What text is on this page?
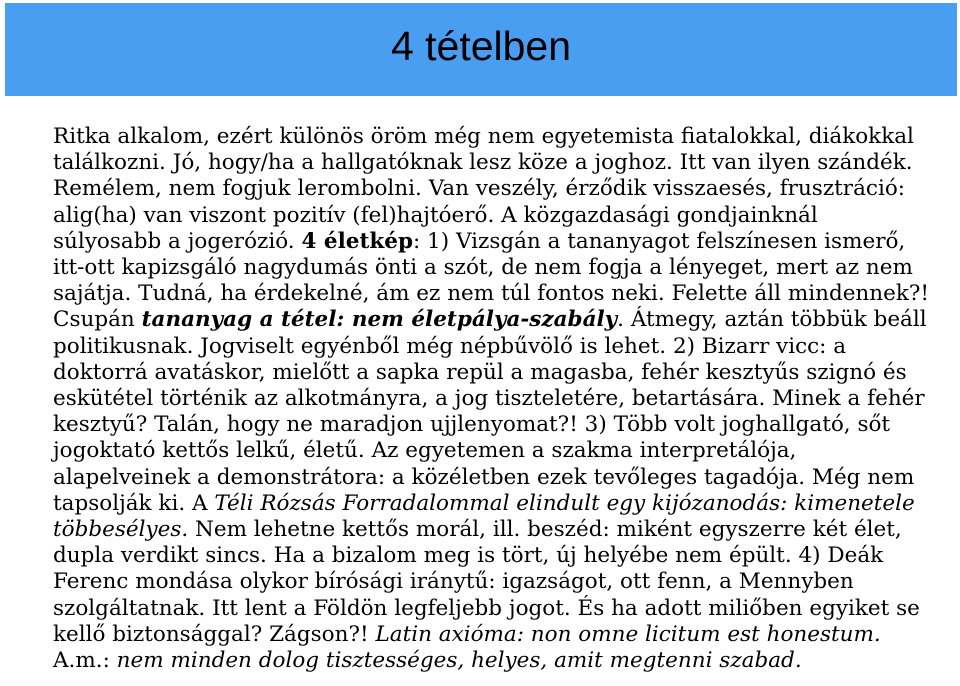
4 tételben
Ritka alkalom, ezért különös öröm még nem egyetemista fiatalokkal, diákokkal
találkozni. Jó, hogy/ha a hallgatóknak lesz köze a joghoz. Itt van ilyen szándék.
Remélem, nem fogjuk lerombolni. Van veszély, érződik visszaesés, frusztráció:
alig(ha) van viszont pozitív (fel)hajtóerő. A közgazdasági gondjainknál
súlyosabb a jogerózió. 4 életkép: 1) Vizsgán a tananyagot felszínesen ismerő,
itt-ott kapizsgáló nagydumás önti a szót, de nem fogja a lényeget, mert az nem
sajátja. Tudná, ha érdekelné, ám ez nem túl fontos neki. Felette áll mindennek?!
Csupán tananyag a tétel: nem életpálya-szabály. Átmegy, aztán többük beáll
politikusnak. Jogviselt egyénből még népbűvölő is lehet. 2) Bizarr vicc: a
doktorrá avatáskor, mielőtt a sapka repül a magasba, fehér kesztyűs szignó és
eskütétel történik az alkotmányra, a jog tiszteletére, betartására. Minek a fehér
kesztyű? Talán, hogy ne maradjon ujjlenyomat?! 3) Több volt joghallgató, sőt
jogoktató kettős lelkű, életű. Az egyetemen a szakma interpretálója,
alapelveinek a demonstrátora: a közéletben ezek tevőleges tagadója. Még nem
tapsolják ki. A Téli Rózsás Forradalommal elindult egy kijózanodás: kimenetele
többesélyes. Nem lehetne kettős morál, ill. beszéd: miként egyszerre két élet,
dupla verdikt sincs. Ha a bizalom meg is tört, új helyébe nem épült. 4) Deák
Ferenc mondása olykor bírósági iránytű: igazságot, ott fenn, a Mennyben
szolgáltatnak. Itt lent a Földön legfeljebb jogot. És ha adott miliőben egyiket se
kellő biztonsággal? Zágson?! Latin axióma: non omne licitum est honestum.
A.m.: nem minden dolog tisztességes, helyes, amit megtenni szabad.
